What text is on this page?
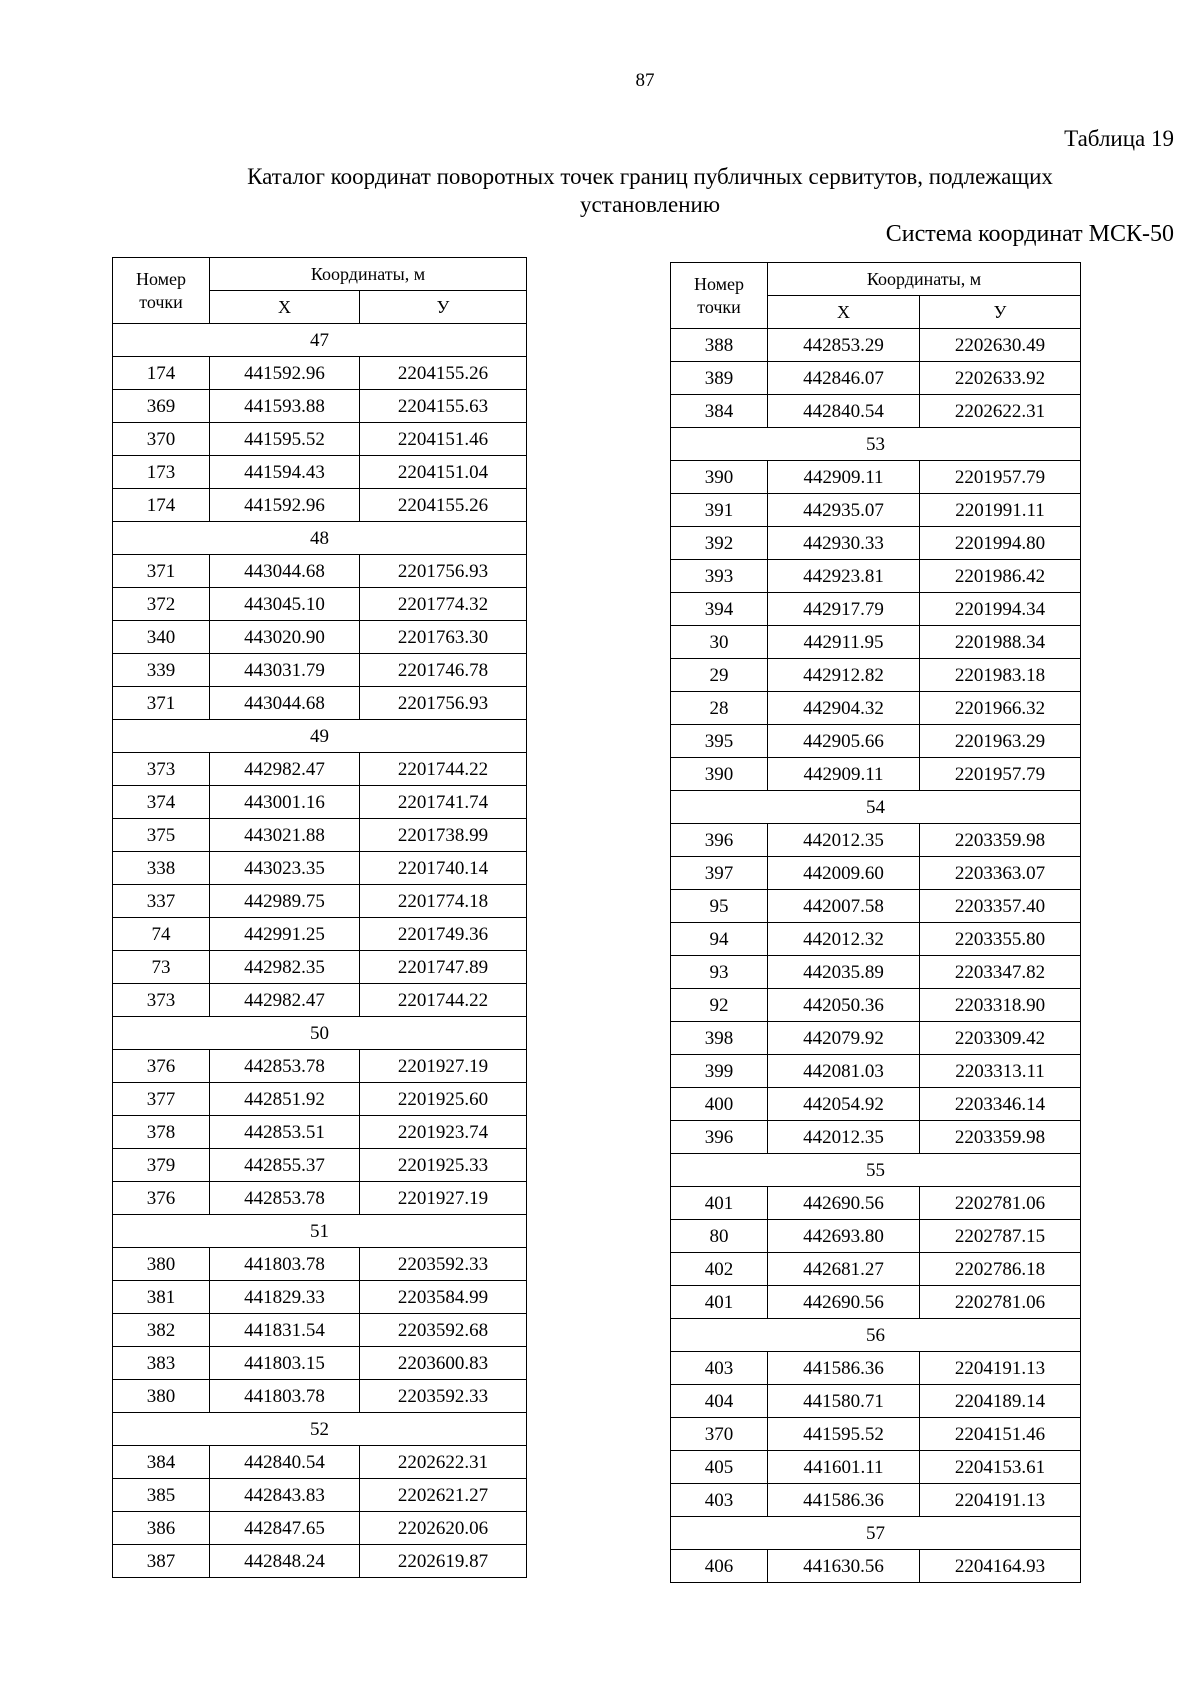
87
Таблица 19
Каталог координат поворотных точек границ публичных сервитутов, подлежащих
установлению
Система координат МСК-50
Номер точки	Координаты, м	
	Х	У
47		
174	441592.96	2204155.26
369	441593.88	2204155.63
370	441595.52	2204151.46
173	441594.43	2204151.04
174	441592.96	2204155.26
48		
371	443044.68	2201756.93
372	443045.10	2201774.32
340	443020.90	2201763.30
339	443031.79	2201746.78
371	443044.68	2201756.93
49		
373	442982.47	2201744.22
374	443001.16	2201741.74
375	443021.88	2201738.99
338	443023.35	2201740.14
337	442989.75	2201774.18
74	442991.25	2201749.36
73	442982.35	2201747.89
373	442982.47	2201744.22
50		
376	442853.78	2201927.19
377	442851.92	2201925.60
378	442853.51	2201923.74
379	442855.37	2201925.33
376	442853.78	2201927.19
51		
380	441803.78	2203592.33
381	441829.33	2203584.99
382	441831.54	2203592.68
383	441803.15	2203600.83
380	441803.78	2203592.33
52		
384	442840.54	2202622.31
385	442843.83	2202621.27
386	442847.65	2202620.06
387	442848.24	2202619.87
Номер точки	Координаты, м	
	Х	У
388	442853.29	2202630.49
389	442846.07	2202633.92
384	442840.54	2202622.31
53		
390	442909.11	2201957.79
391	442935.07	2201991.11
392	442930.33	2201994.80
393	442923.81	2201986.42
394	442917.79	2201994.34
30	442911.95	2201988.34
29	442912.82	2201983.18
28	442904.32	2201966.32
395	442905.66	2201963.29
390	442909.11	2201957.79
54		
396	442012.35	2203359.98
397	442009.60	2203363.07
95	442007.58	2203357.40
94	442012.32	2203355.80
93	442035.89	2203347.82
92	442050.36	2203318.90
398	442079.92	2203309.42
399	442081.03	2203313.11
400	442054.92	2203346.14
396	442012.35	2203359.98
55		
401	442690.56	2202781.06
80	442693.80	2202787.15
402	442681.27	2202786.18
401	442690.56	2202781.06
56		
403	441586.36	2204191.13
404	441580.71	2204189.14
370	441595.52	2204151.46
405	441601.11	2204153.61
403	441586.36	2204191.13
57		
406	441630.56	2204164.93
